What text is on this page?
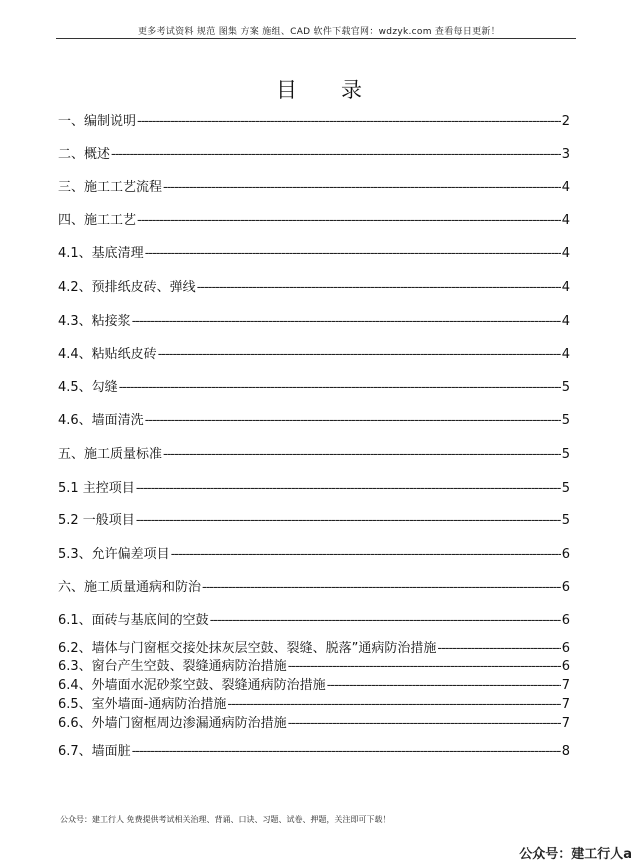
更多考试资料 规范 图集 方案 施组、CAD 软件下载官网：wdzyk.com 查看每日更新！
目 录
一、编制说明 -----	2
二、概述 -----	3
三、施工工艺流程 -----	4
四、施工工艺 -----	4
4.1、基底清理 -----	4
4.2、预排纸皮砖、弹线 -----	4
4.3、粘接浆 -----	4
4.4、粘贴纸皮砖 -----	4
4.5、勾缝 -----	5
4.6、墙面清洗 -----	5
五、施工质量标准 -----	5
5.1 主控项目 -----	5
5.2 一般项目 -----	5
5.3、允许偏差项目 -----	6
六、施工质量通病和防治 -----	6
6.1、面砖与基底间的空鼓 -----	6
6.2、墙体与门窗框交接处抹灰层空鼓、裂缝、脱落”通病防治措施 -----	6
6.3、窗台产生空鼓、裂缝通病防治措施 -----	6
6.4、外墙面水泥砂浆空鼓、裂缝通病防治措施 -----	7
6.5、室外墙面-通病防治措施 -----	7
6.6、外墙门窗框周边渗漏通病防治措施 -----	7
6.7、墙面脏 -----	8
公众号：建工行人 免费提供考试相关治理、背诵、口诀、习题、试卷、押题，关注即可下载！
公众号：建工行人a
